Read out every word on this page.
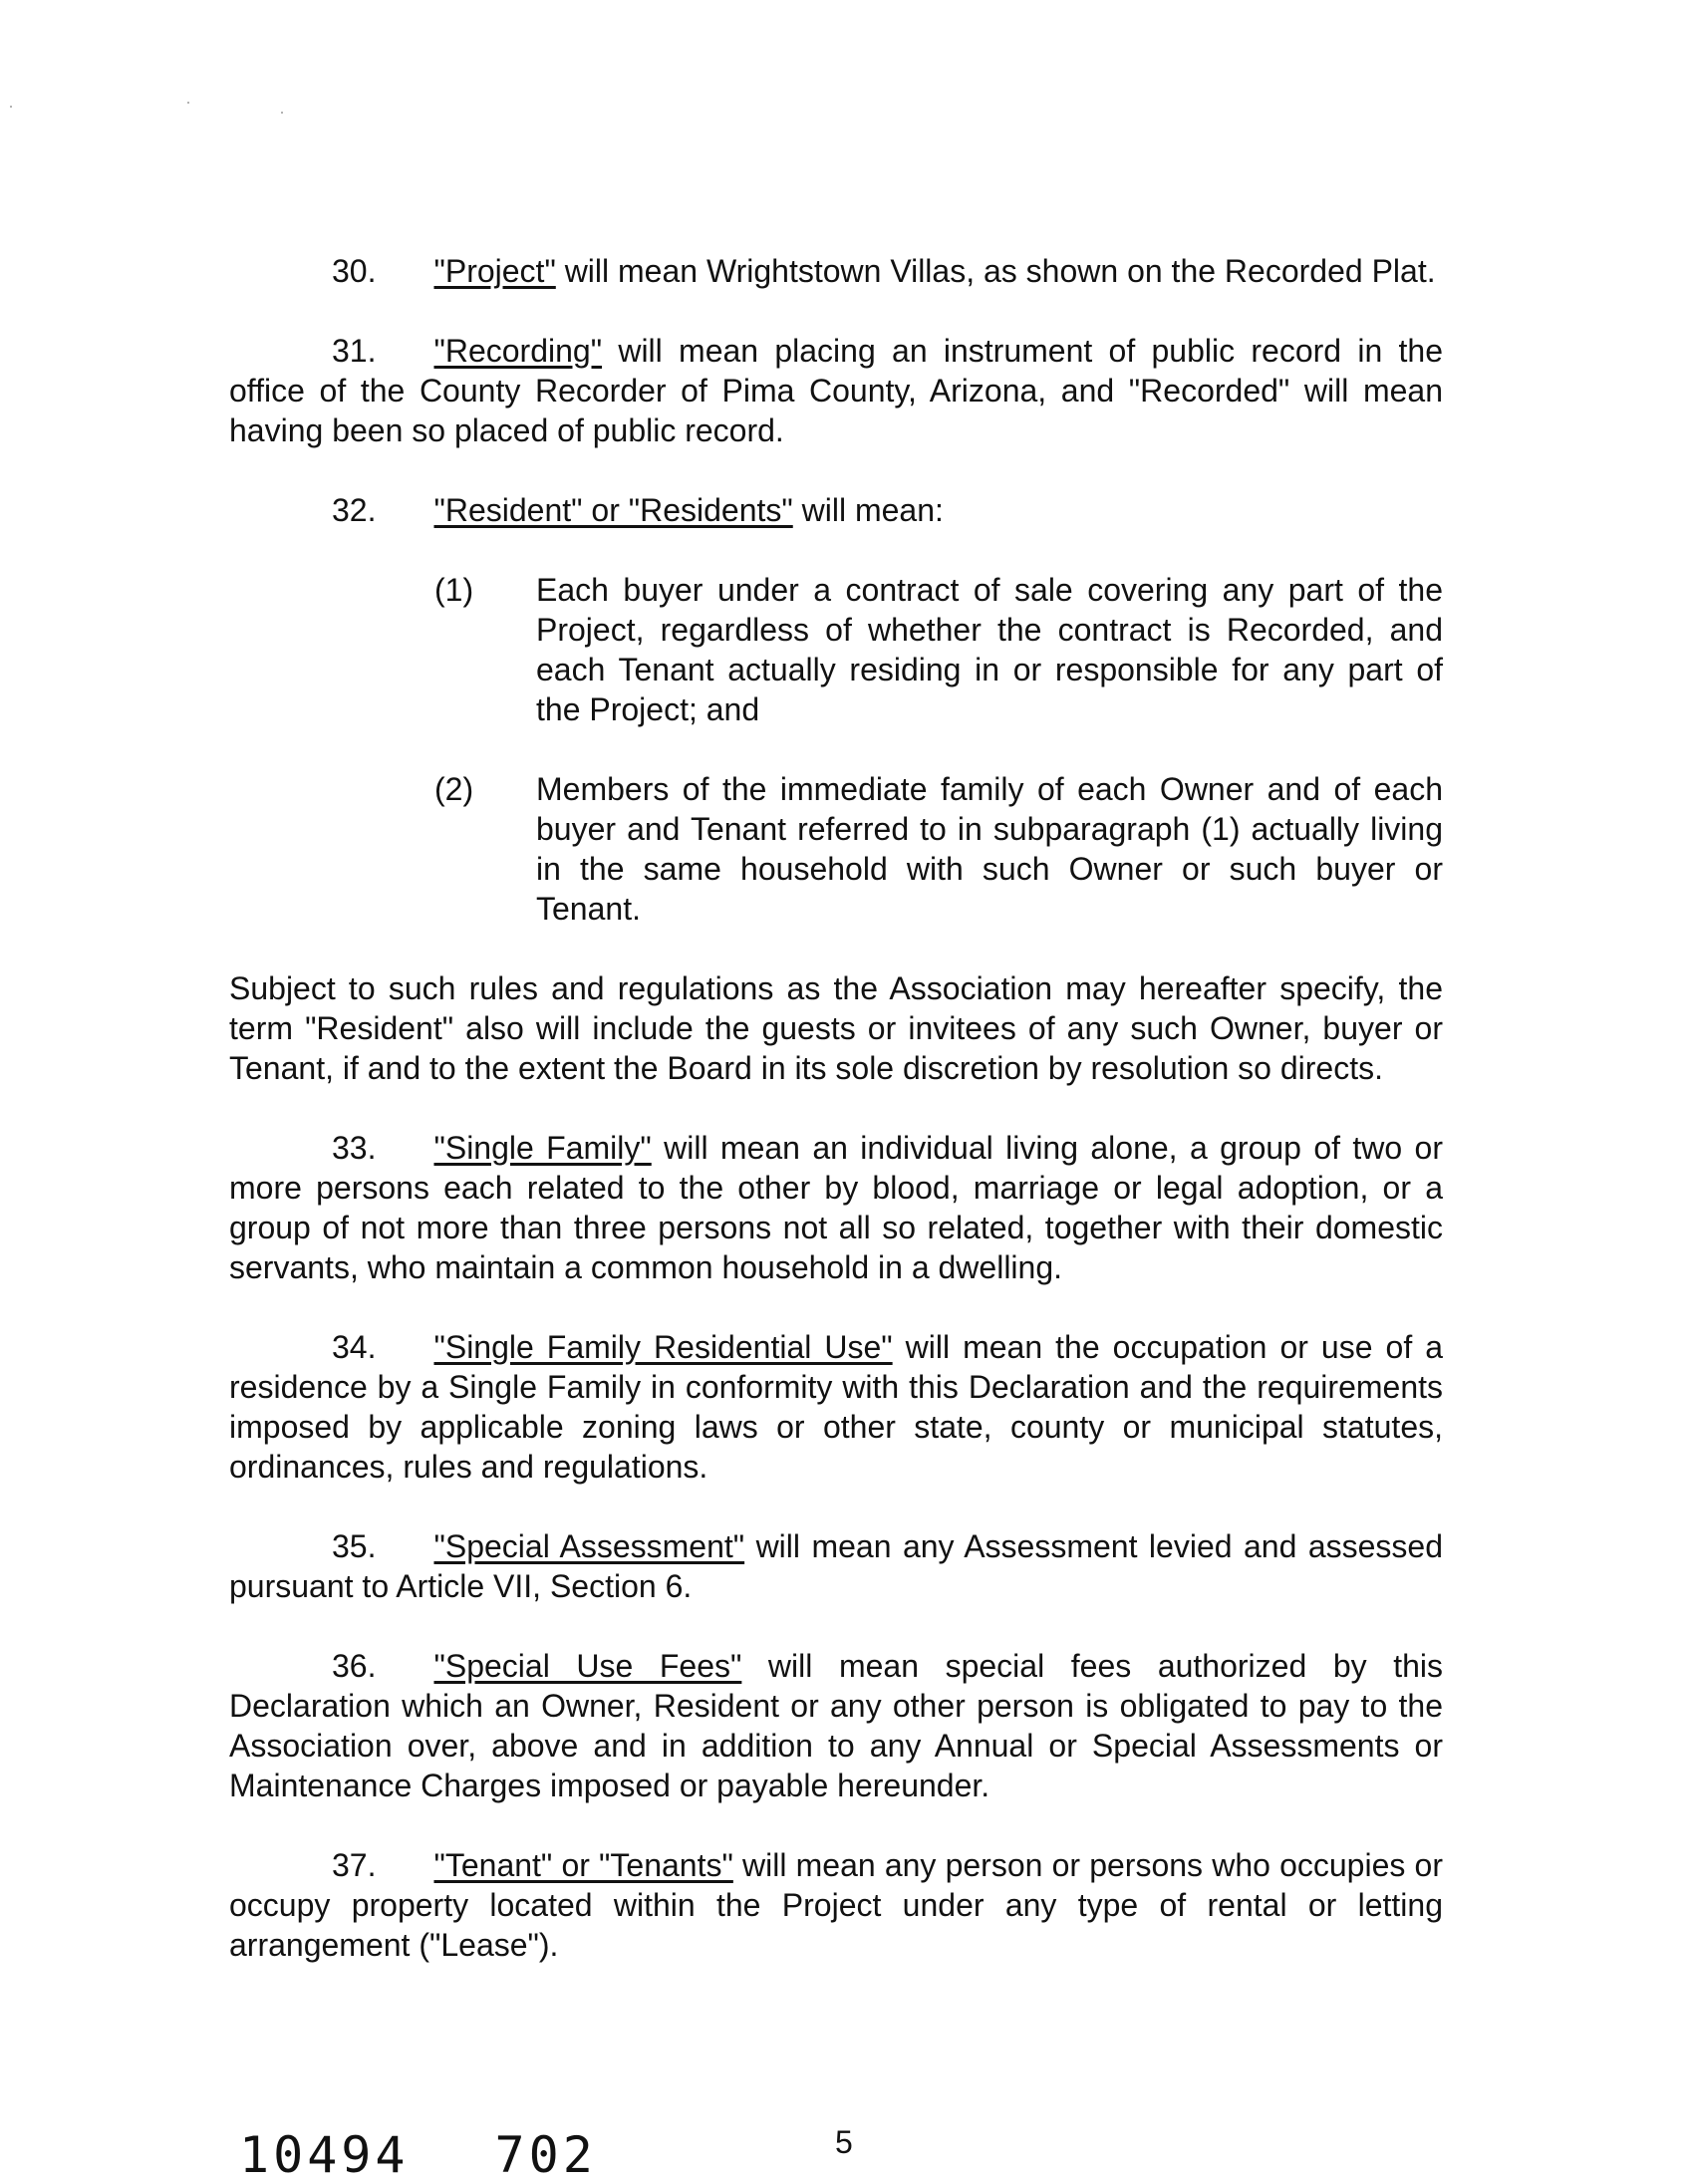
30. "Project" will mean Wrightstown Villas, as shown on the Recorded Plat.

31. "Recording" will mean placing an instrument of public record in the office of the County Recorder of Pima County, Arizona, and "Recorded" will mean having been so placed of public record.

32. "Resident" or "Residents" will mean:

(1) Each buyer under a contract of sale covering any part of the Project, regardless of whether the contract is Recorded, and each Tenant actually residing in or responsible for any part of the Project; and
(2) Members of the immediate family of each Owner and of each buyer and Tenant referred to in subparagraph (1) actually living in the same household with such Owner or such buyer or Tenant.

Subject to such rules and regulations as the Association may hereafter specify, the term "Resident" also will include the guests or invitees of any such Owner, buyer or Tenant, if and to the extent the Board in its sole discretion by resolution so directs.

33. "Single Family" will mean an individual living alone, a group of two or more persons each related to the other by blood, marriage or legal adoption, or a group of not more than three persons not all so related, together with their domestic servants, who maintain a common household in a dwelling.

34. "Single Family Residential Use" will mean the occupation or use of a residence by a Single Family in conformity with this Declaration and the requirements imposed by applicable zoning laws or other state, county or municipal statutes, ordinances, rules and regulations.

35. "Special Assessment" will mean any Assessment levied and assessed pursuant to Article VII, Section 6.

36. "Special Use Fees" will mean special fees authorized by this Declaration which an Owner, Resident or any other person is obligated to pay to the Association over, above and in addition to any Annual or Special Assessments or Maintenance Charges imposed or payable hereunder.

37. "Tenant" or "Tenants" will mean any person or persons who occupies or occupy property located within the Project under any type of rental or letting arrangement ("Lease").

10494 702	5
